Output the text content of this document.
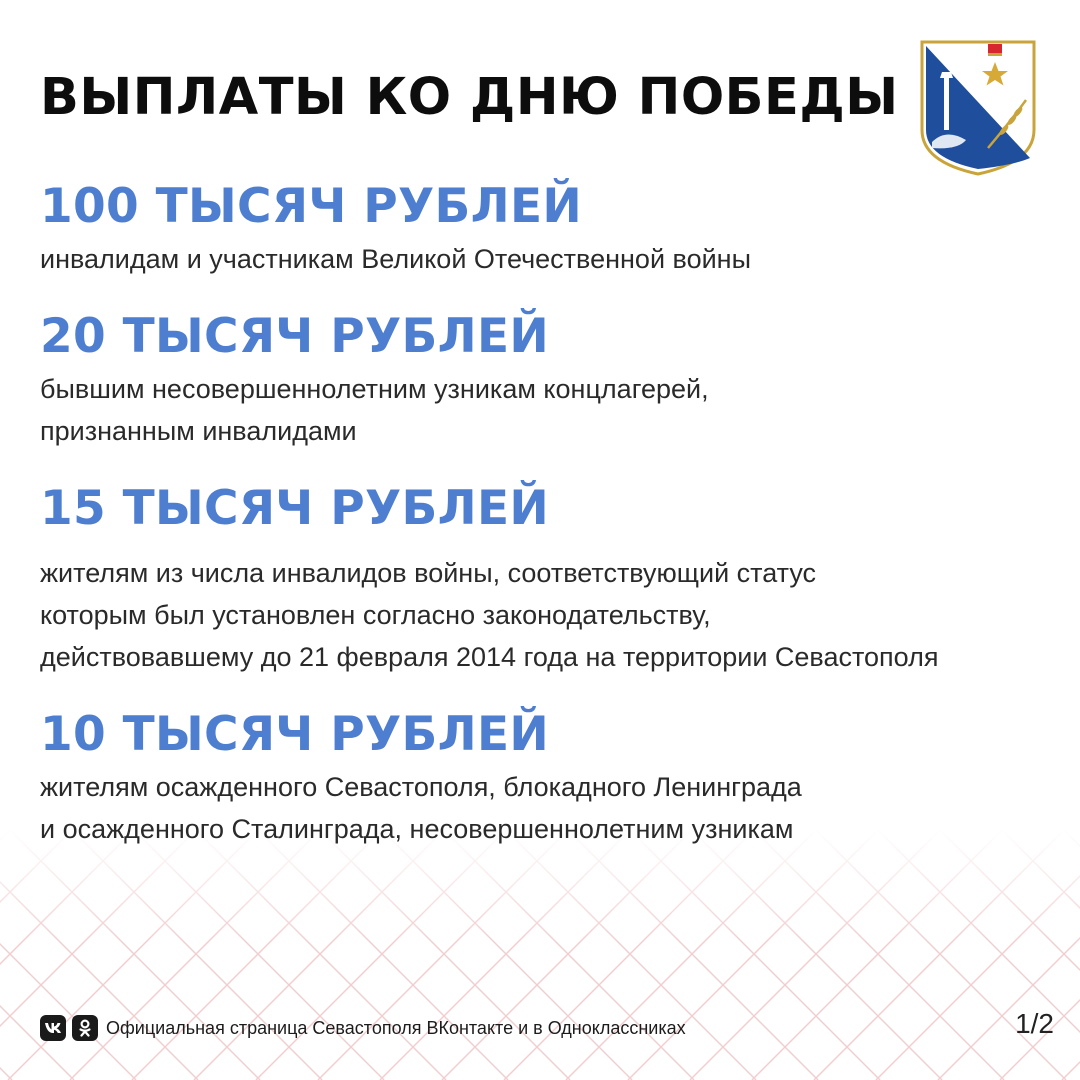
ВЫПЛАТЫ КО ДНЮ ПОБЕДЫ

100 ТЫСЯЧ РУБЛЕЙ

инвалидам и участникам Великой Отечественной войны

20 ТЫСЯЧ РУБЛЕЙ

бывшим несовершеннолетним узникам концлагерей,

признанным инвалидами

15 ТЫСЯЧ РУБЛЕЙ

жителям из числа инвалидов войны, соответствующий статус

которым был установлен согласно законодательству,

действовавшему до 21 февраля 2014 года на территории Севастополя

10 ТЫСЯЧ РУБЛЕЙ

жителям осажденного Севастополя, блокадного Ленинграда

и осажденного Сталинграда, несовершеннолетним узникам

Официальная страница Севастополя ВКонтакте и в Одноклассниках	1/2
